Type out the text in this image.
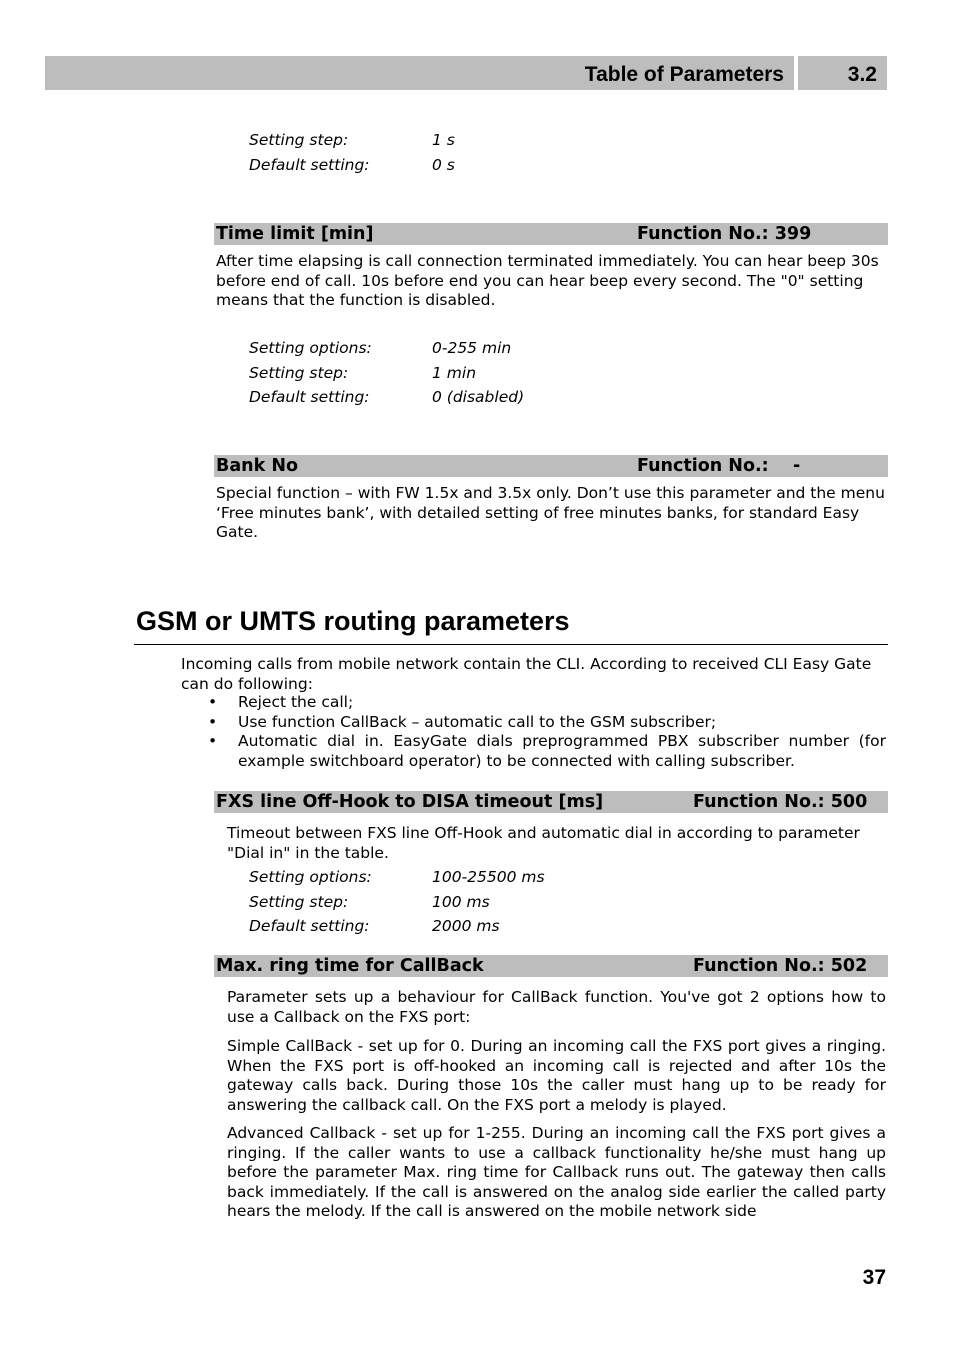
Table of Parameters	3.2
Setting step:	1 s
Default setting:	0 s
Time limit [min]	Function No.: 399
After time elapsing is call connection terminated immediately. You can hear beep 30s before end of call. 10s before end you can hear beep every second. The "0" setting means that the function is disabled.
Setting options:	0-255 min
Setting step:	1 min
Default setting:	0 (disabled)
Bank No	Function No.:    -
Special function – with FW 1.5x and 3.5x only. Don’t use this parameter and the menu ‘Free minutes bank’, with detailed setting of free minutes banks, for standard Easy Gate.
GSM or UMTS routing parameters
Incoming calls from mobile network contain the CLI. According to received CLI Easy Gate can do following:
• Reject the call;
• Use function CallBack – automatic call to the GSM subscriber;
• Automatic dial in. EasyGate dials preprogrammed PBX subscriber number (for example switchboard operator) to be connected with calling subscriber.
FXS line Off-Hook to DISA timeout [ms]	Function No.: 500
Timeout between FXS line Off-Hook and automatic dial in according to parameter "Dial in" in the table.
Setting options:	100-25500 ms
Setting step:	100 ms
Default setting:	2000 ms
Max. ring time for CallBack	Function No.: 502
Parameter sets up a behaviour for CallBack function. You've got 2 options how to use a Callback on the FXS port:
Simple CallBack - set up for 0. During an incoming call the FXS port gives a ringing. When the FXS port is off-hooked an incoming call is rejected and after 10s the gateway calls back. During those 10s the caller must hang up to be ready for answering the callback call. On the FXS port a melody is played.
Advanced Callback - set up for 1-255. During an incoming call the FXS port gives a ringing. If the caller wants to use a callback functionality he/she must hang up before the parameter Max. ring time for Callback runs out. The gateway then calls back immediately. If the call is answered on the analog side earlier the called party hears the melody. If the call is answered on the mobile network side
37
